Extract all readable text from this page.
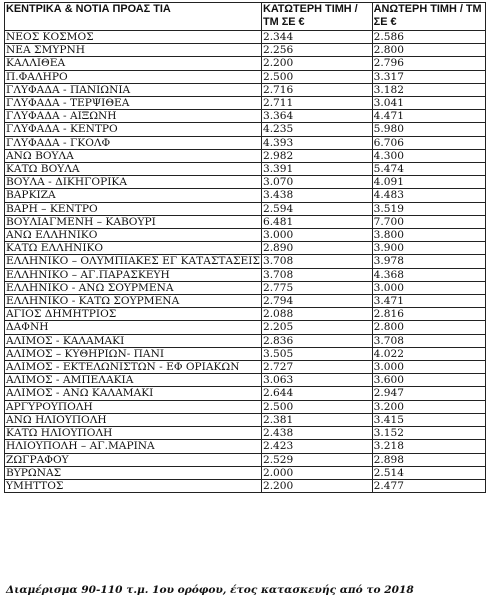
ΚΕΝΤΡΙΚΑ & ΝΟΤΙΑ ΠΡΟΑΣ ΤΙΑ	ΚΑΤΩΤΕΡΗ ΤΙΜΗ / ΤΜ ΣΕ €	ΑΝΩΤΕΡΗ ΤΙΜΗ / ΤΜ ΣΕ €
ΝΕΟΣ ΚΟΣΜΟΣ	2.344	2.586
ΝΕΑ ΣΜΥΡΝΗ	2.256	2.800
ΚΑΛΛΙΘΕΑ	2.200	2.796
Π.ΦΑΛΗΡΟ	2.500	3.317
ΓΛΥΦΑΔΑ - ΠΑΝΙΩΝΙΑ	2.716	3.182
ΓΛΥΦΑΔΑ - ΤΕΡΨΙΘΕΑ	2.711	3.041
ΓΛΥΦΑΔΑ - ΑΙΞΩΝΗ	3.364	4.471
ΓΛΥΦΑΔΑ - ΚΕΝΤΡΟ	4.235	5.980
ΓΛΥΦΑΔΑ - ΓΚΟΛΦ	4.393	6.706
ΑΝΩ ΒΟΥΛΑ	2.982	4.300
ΚΑΤΩ ΒΟΥΛΑ	3.391	5.474
ΒΟΥΛΑ - ΔΙΚΗΓΟΡΙΚΑ	3.070	4.091
ΒΑΡΚΙΖΑ	3.438	4.483
ΒΑΡΗ – ΚΕΝΤΡΟ	2.594	3.519
ΒΟΥΛΙΑΓΜΕΝΗ – ΚΑΒΟΥΡΙ	6.481	7.700
ΑΝΩ ΕΛΛΗΝΙΚΟ	3.000	3.800
ΚΑΤΩ ΕΛΛΗΝΙΚΟ	2.890	3.900
ΕΛΛΗΝΙΚΟ – ΟΛΥΜΠΙΑΚΕΣ ΕΓ ΚΑΤΑΣΤΑΣΕΙΣ	3.708	3.978
ΕΛΛΗΝΙΚΟ – ΑΓ.ΠΑΡΑΣΚΕΥΗ	3.708	4.368
ΕΛΛΗΝΙΚΟ - ΑΝΩ ΣΟΥΡΜΕΝΑ	2.775	3.000
ΕΛΛΗΝΙΚΟ - ΚΑΤΩ ΣΟΥΡΜΕΝΑ	2.794	3.471
ΑΓΙΟΣ ΔΗΜΗΤΡΙΟΣ	2.088	2.816
ΔΑΦΝΗ	2.205	2.800
ΑΛΙΜΟΣ - ΚΑΛΑΜΑΚΙ	2.836	3.708
ΑΛΙΜΟΣ – ΚΥΘΗΡΙΩΝ- ΠΑΝΙ	3.505	4.022
ΑΛΙΜΟΣ - ΕΚΤΕΛΩΝΙΣΤΩΝ - ΕΦ ΟΡΙΑΚΩΝ	2.727	3.000
ΑΛΙΜΟΣ - ΑΜΠΕΛΑΚΙΑ	3.063	3.600
ΑΛΙΜΟΣ - ΑΝΩ ΚΑΛΑΜΑΚΙ	2.644	2.947
ΑΡΓΥΡΟΥΠΟΛΗ	2.500	3.200
ΑΝΩ ΗΛΙΟΥΠΟΛΗ	2.381	3.415
ΚΑΤΩ ΗΛΙΟΥΠΟΛΗ	2.438	3.152
ΗΛΙΟΥΠΟΛΗ – ΑΓ.ΜΑΡΙΝΑ	2.423	3.218
ΖΩΓΡΑΦΟΥ	2.529	2.898
ΒΥΡΩΝΑΣ	2.000	2.514
ΥΜΗΤΤΟΣ	2.200	2.477
Διαμέρισμα 90-110 τ.μ. 1ου ορόφου, έτος κατασκευής από το 2018
